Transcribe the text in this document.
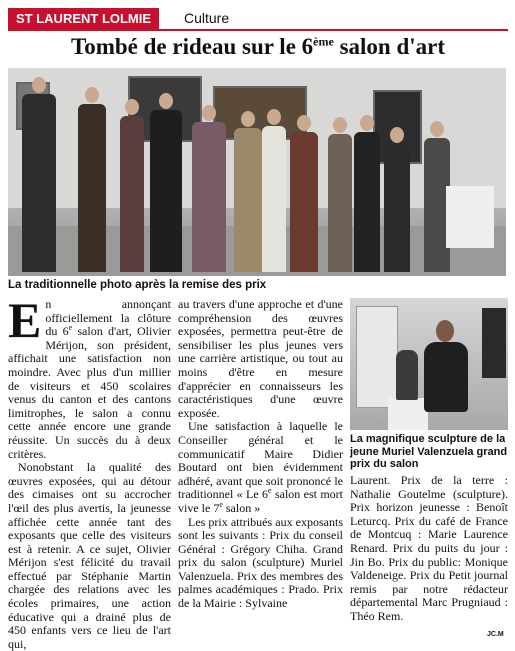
ST LAURENT LOLMIE	Culture
Tombé de rideau sur le 6ème salon d'art
La traditionnelle photo après la remise des prix

En annonçant officiellement la clôture du 6e salon d'art, Olivier Mérijon, son président, affichait une satisfaction non moindre. Avec plus d'un millier de visiteurs et 450 scolaires venus du canton et des cantons limitrophes, le salon a connu cette année encore une grande réussite. Un succès du à deux critères.

Nonobstant la qualité des œuvres exposées, qui au détour des cimaises ont su accrocher l'œil des plus avertis, la jeunesse affichée cette année tant des exposants que celle des visiteurs est à retenir. A ce sujet, Olivier Mérijon s'est félicité du travail effectué par Stéphanie Martin chargée des relations avec les écoles primaires, une action éducative qui a drainé plus de 450 enfants vers ce lieu de l'art qui,

au travers d'une approche et d'une compréhension des œuvres exposées, permettra peut-être de sensibiliser les plus jeunes vers une carrière artistique, ou tout au moins d'être en mesure d'apprécier en connaisseurs les caractéristiques d'une œuvre exposée.

Une satisfaction à laquelle le Conseiller général et le communicatif Maire Didier Boutard ont bien évidemment adhéré, avant que soit prononcé le traditionnel « Le 6e salon est mort vive le 7e salon »

Les prix attribués aux exposants sont les suivants : Prix du conseil Général : Grégory Chiha. Grand prix du salon (sculpture) Muriel Valenzuela. Prix des membres des palmes académiques : Prado. Prix de la Mairie : Sylvaine

La magnifique sculpture de la jeune Muriel Valenzuela grand prix du salon

Laurent. Prix de la terre : Nathalie Goutelme (sculpture). Prix horizon jeunesse : Benoît Leturcq. Prix du café de France de Montcuq : Marie Laurence Renard. Prix du puits du jour : Jin Bo. Prix du public: Monique Valdeneige. Prix du Petit journal remis par notre rédacteur départemental Marc Prugniaud : Théo Rem.

JC.M
